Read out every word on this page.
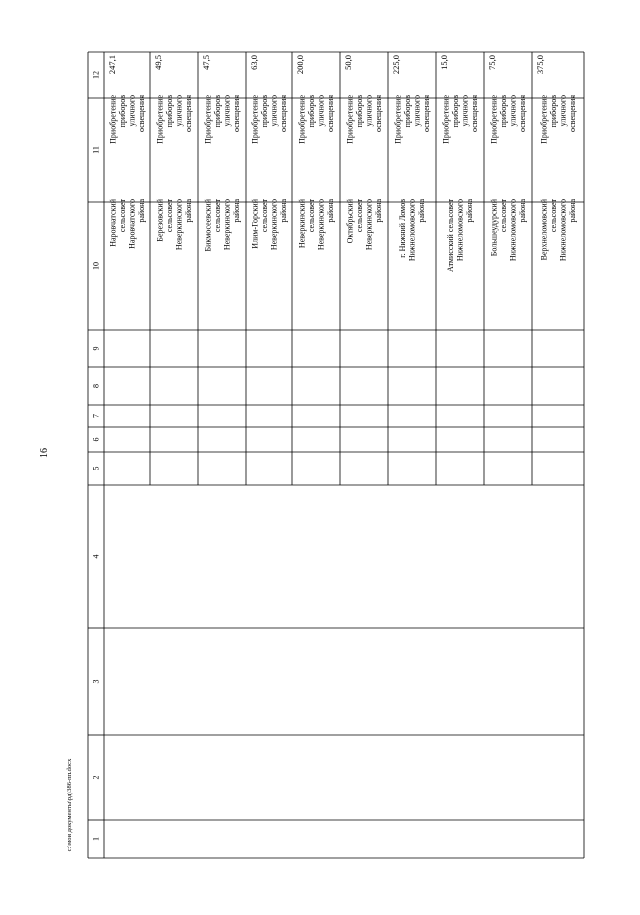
16
1
2
3
4
5
6
7
8
9
10
11
12
Наровчатский сельсовет Наровчатского района
Приобретение приборов уличного освещения
247,1
Березовский сельсовет Неверкинского района
Приобретение приборов уличного освещения
49,5
Бикмосеевский сельсовет Неверкинского района
Приобретение приборов уличного освещения
47,5
Илим-Горский сельсовет Неверкинского района
Приобретение приборов уличного освещения
63,0
Неверкинский сельсовет Неверкинского района
Приобретение приборов уличного освещения
200,0
Октябрьский сельсовет Неверкинского района
Приобретение приборов уличного освещения
50,0
г. Нижний Ломов Нижнеломовского района
Приобретение приборов уличного освещения
225,0
Атмисский сельсовет Нижнеломовского района
Приобретение приборов уличного освещения
15,0
Большеудурский сельсовет Нижнеломовского района
Приобретение приборов уличного освещения
75,0
Верхнеломовский сельсовет Нижнеломовского района
Приобретение приборов уличного освещения
375,0
c:\мои документы\рд\386-пп.docx
